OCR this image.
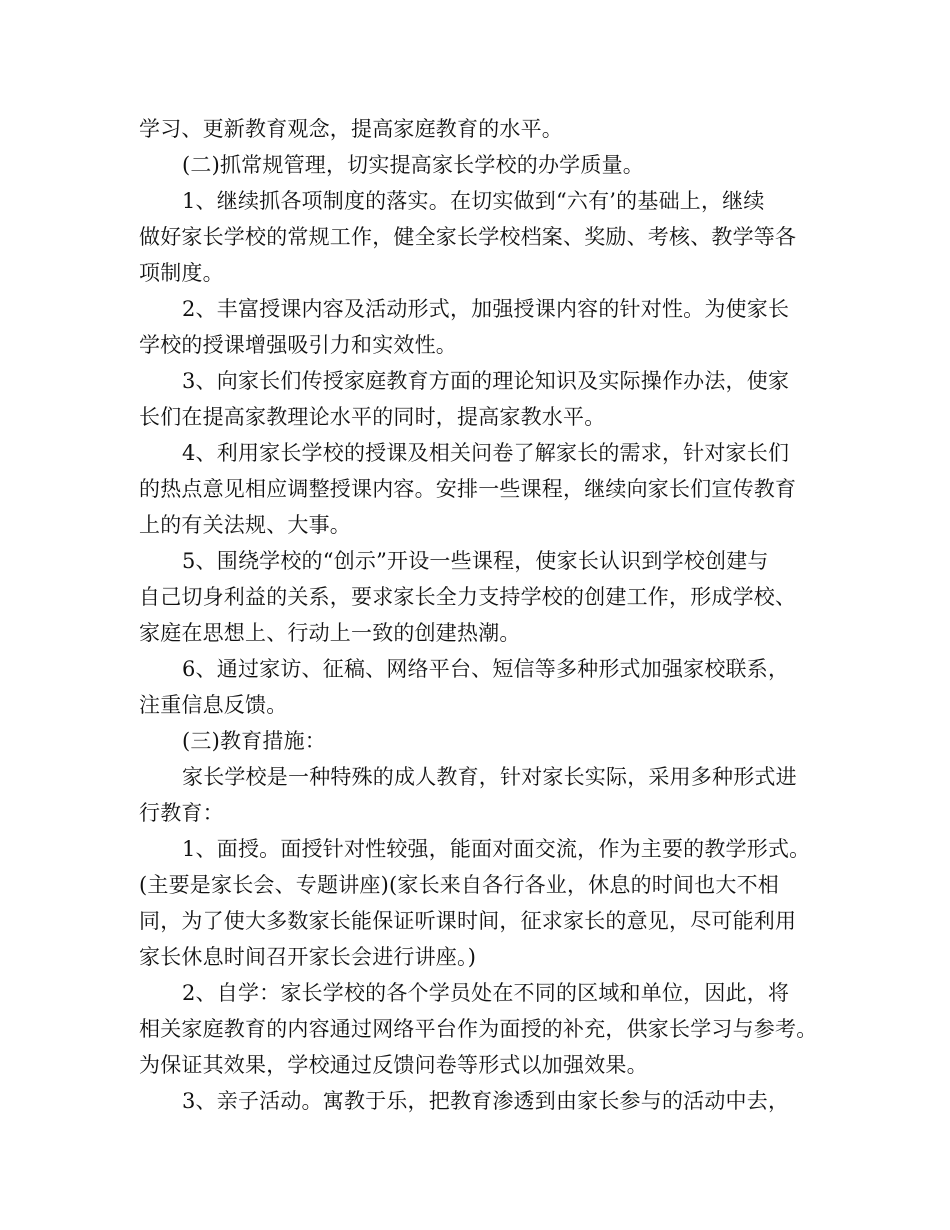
学习、更新教育观念，提高家庭教育的水平。
(二)抓常规管理，切实提高家长学校的办学质量。
1、继续抓各项制度的落实。在切实做到“六有’的基础上，继续
做好家长学校的常规工作，健全家长学校档案、奖励、考核、教学等各
项制度。
2、丰富授课内容及活动形式，加强授课内容的针对性。为使家长
学校的授课增强吸引力和实效性。
3、向家长们传授家庭教育方面的理论知识及实际操作办法，使家
长们在提高家教理论水平的同时，提高家教水平。
4、利用家长学校的授课及相关问卷了解家长的需求，针对家长们
的热点意见相应调整授课内容。安排一些课程，继续向家长们宣传教育
上的有关法规、大事。
5、围绕学校的“创示”开设一些课程，使家长认识到学校创建与
自己切身利益的关系，要求家长全力支持学校的创建工作，形成学校、
家庭在思想上、行动上一致的创建热潮。
6、通过家访、征稿、网络平台、短信等多种形式加强家校联系，
注重信息反馈。
(三)教育措施：
家长学校是一种特殊的成人教育，针对家长实际，采用多种形式进
行教育：
1、面授。面授针对性较强，能面对面交流，作为主要的教学形式。
(主要是家长会、专题讲座)(家长来自各行各业，休息的时间也大不相
同，为了使大多数家长能保证听课时间，征求家长的意见，尽可能利用
家长休息时间召开家长会进行讲座。)
2、自学：家长学校的各个学员处在不同的区域和单位，因此，将
相关家庭教育的内容通过网络平台作为面授的补充，供家长学习与参考。
为保证其效果，学校通过反馈问卷等形式以加强效果。
3、亲子活动。寓教于乐，把教育渗透到由家长参与的活动中去，
